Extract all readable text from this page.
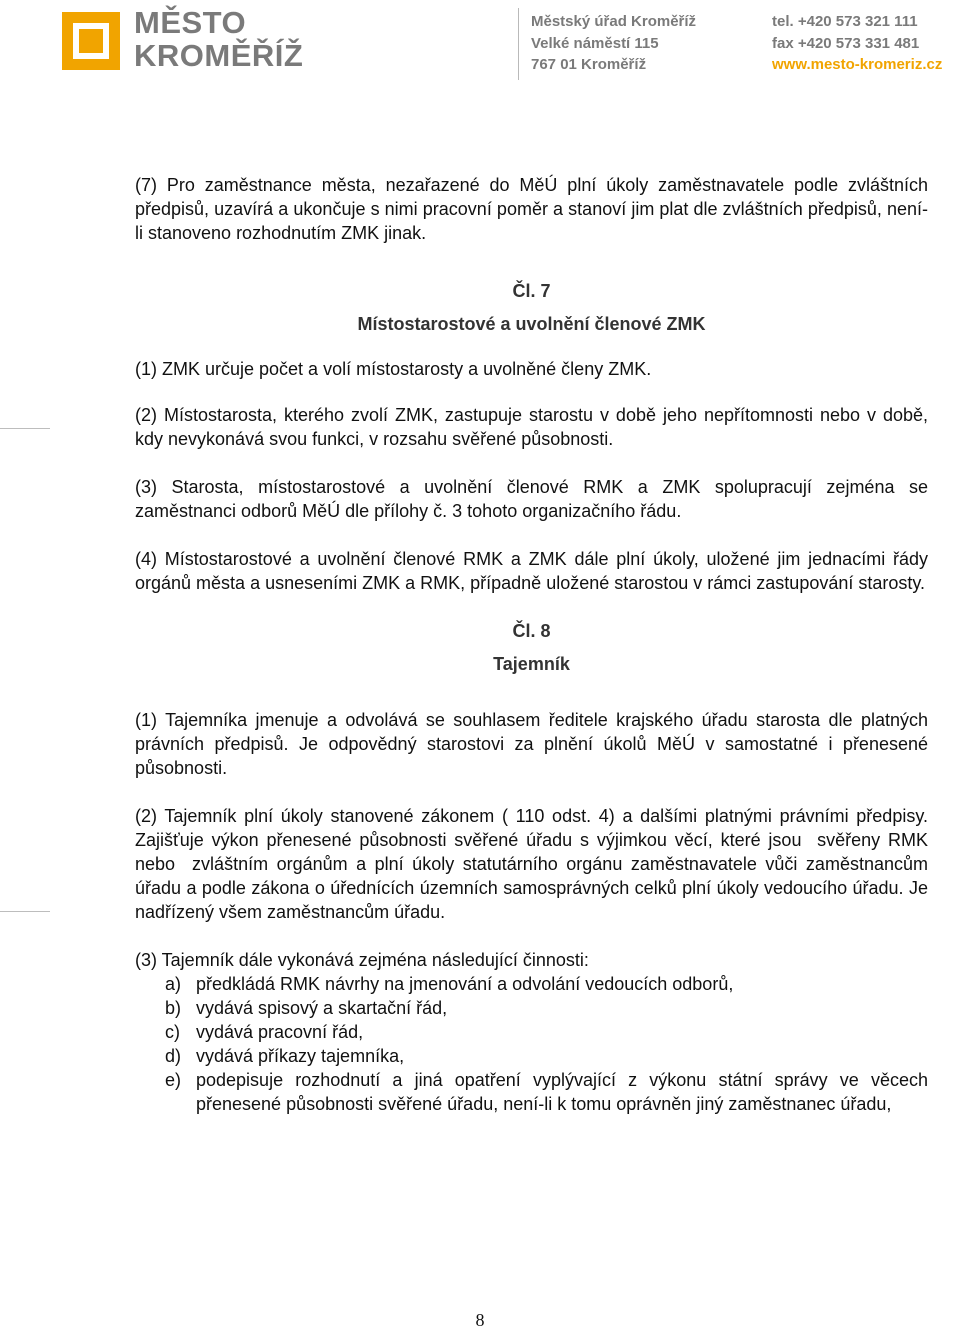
MĚSTO
KROMĚŘÍŽ
Městský úřad Kroměříž
Velké náměstí 115
767 01 Kroměříž
tel. +420 573 321 111
fax +420 573 331 481
www.mesto-kromeriz.cz

(7) Pro zaměstnance města, nezařazené do MěÚ plní úkoly zaměstnavatele podle zvláštních předpisů, uzavírá a ukončuje s nimi pracovní poměr a stanoví jim plat dle zvláštních předpisů, není-li stanoveno rozhodnutím ZMK jinak.

Čl. 7
Místostarostové a uvolnění členové ZMK

(1) ZMK určuje počet a volí místostarosty a uvolněné členy ZMK.

(2) Místostarosta, kterého zvolí ZMK, zastupuje starostu v době jeho nepřítomnosti nebo v době, kdy nevykonává svou funkci, v rozsahu svěřené působnosti.

(3) Starosta, místostarostové a uvolnění členové RMK a ZMK spolupracují zejména se zaměstnanci odborů MěÚ dle přílohy č. 3 tohoto organizačního řádu.

(4) Místostarostové a uvolnění členové RMK a ZMK dále plní úkoly, uložené jim jednacími řády orgánů města a usneseními ZMK a RMK, případně uložené starostou v rámci zastupování starosty.

Čl. 8
Tajemník

(1) Tajemníka jmenuje a odvolává se souhlasem ředitele krajského úřadu starosta dle platných právních předpisů. Je odpovědný starostovi za plnění úkolů MěÚ v samostatné i přenesené působnosti.

(2) Tajemník plní úkoly stanovené zákonem ( 110 odst. 4) a dalšími platnými právními předpisy. Zajišťuje výkon přenesené působnosti svěřené úřadu s výjimkou věcí, které jsou  svěřeny RMK nebo  zvláštním orgánům a plní úkoly statutárního orgánu zaměstnavatele vůči zaměstnancům úřadu a podle zákona o úřednících územních samosprávných celků plní úkoly vedoucího úřadu. Je nadřízený všem zaměstnancům úřadu.

(3) Tajemník dále vykonává zejména následující činnosti:

a) předkládá RMK návrhy na jmenování a odvolání vedoucích odborů,
b) vydává spisový a skartační řád,
c) vydává pracovní řád,
d) vydává příkazy tajemníka,
e) podepisuje rozhodnutí a jiná opatření vyplývající z výkonu státní správy ve věcech přenesené působnosti svěřené úřadu, není-li k tomu oprávněn jiný zaměstnanec úřadu,
8
